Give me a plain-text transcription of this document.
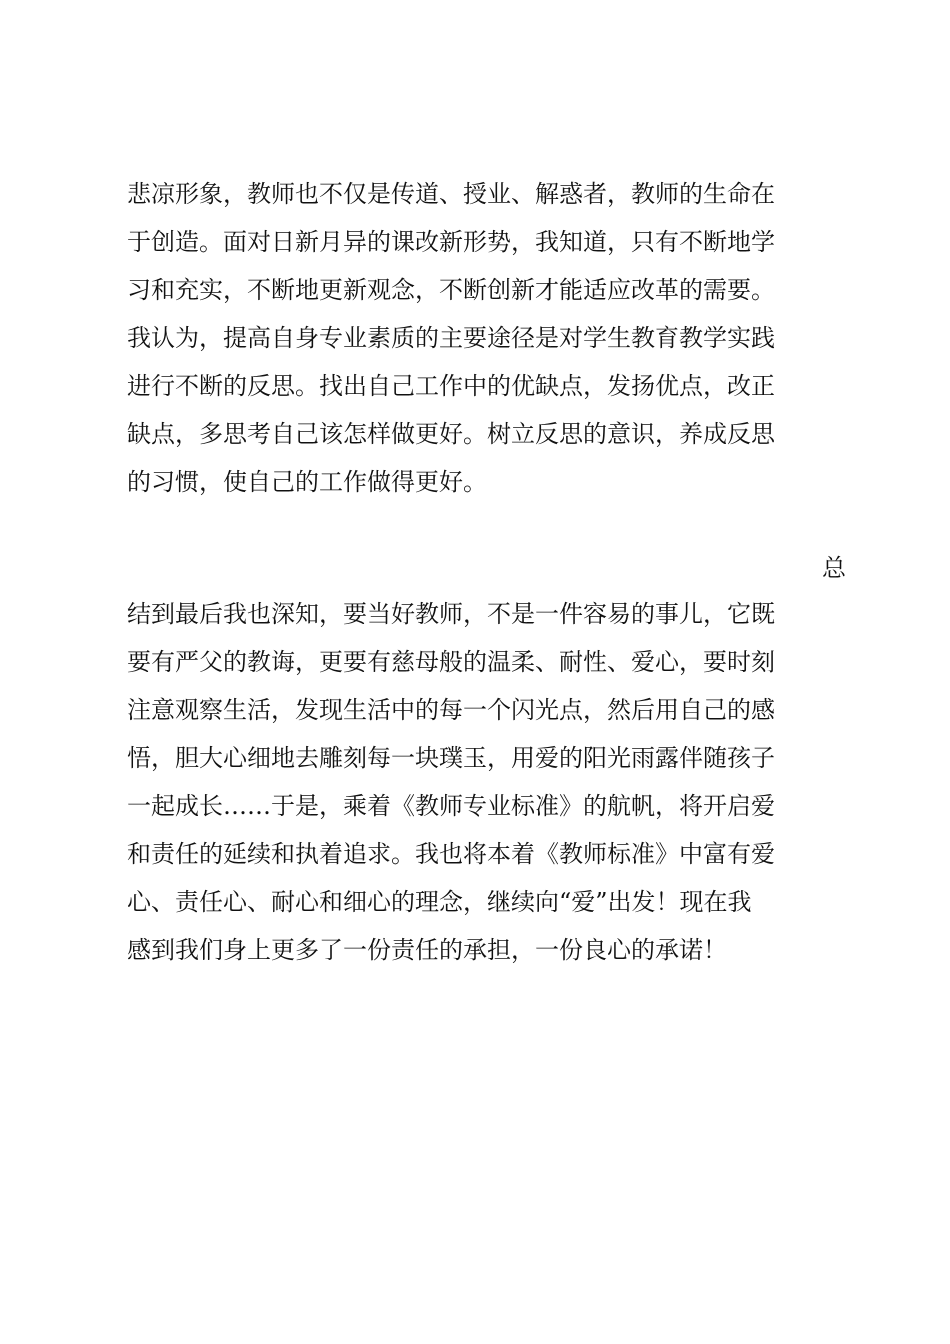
悲凉形象，教师也不仅是传道、授业、解惑者，教师的生命在
于创造。面对日新月异的课改新形势，我知道，只有不断地学
习和充实，不断地更新观念，不断创新才能适应改革的需要。
我认为，提高自身专业素质的主要途径是对学生教育教学实践
进行不断的反思。找出自己工作中的优缺点，发扬优点，改正
缺点，多思考自己该怎样做更好。树立反思的意识，养成反思
的习惯，使自己的工作做得更好。
总
结到最后我也深知，要当好教师，不是一件容易的事儿，它既
要有严父的教诲，更要有慈母般的温柔、耐性、爱心，要时刻
注意观察生活，发现生活中的每一个闪光点，然后用自己的感
悟，胆大心细地去雕刻每一块璞玉，用爱的阳光雨露伴随孩子
一起成长……于是，乘着《教师专业标准》的航帆，将开启爱
和责任的延续和执着追求。我也将本着《教师标准》中富有爱
心、责任心、耐心和细心的理念，继续向“爱”出发！现在我
感到我们身上更多了一份责任的承担，一份良心的承诺！
